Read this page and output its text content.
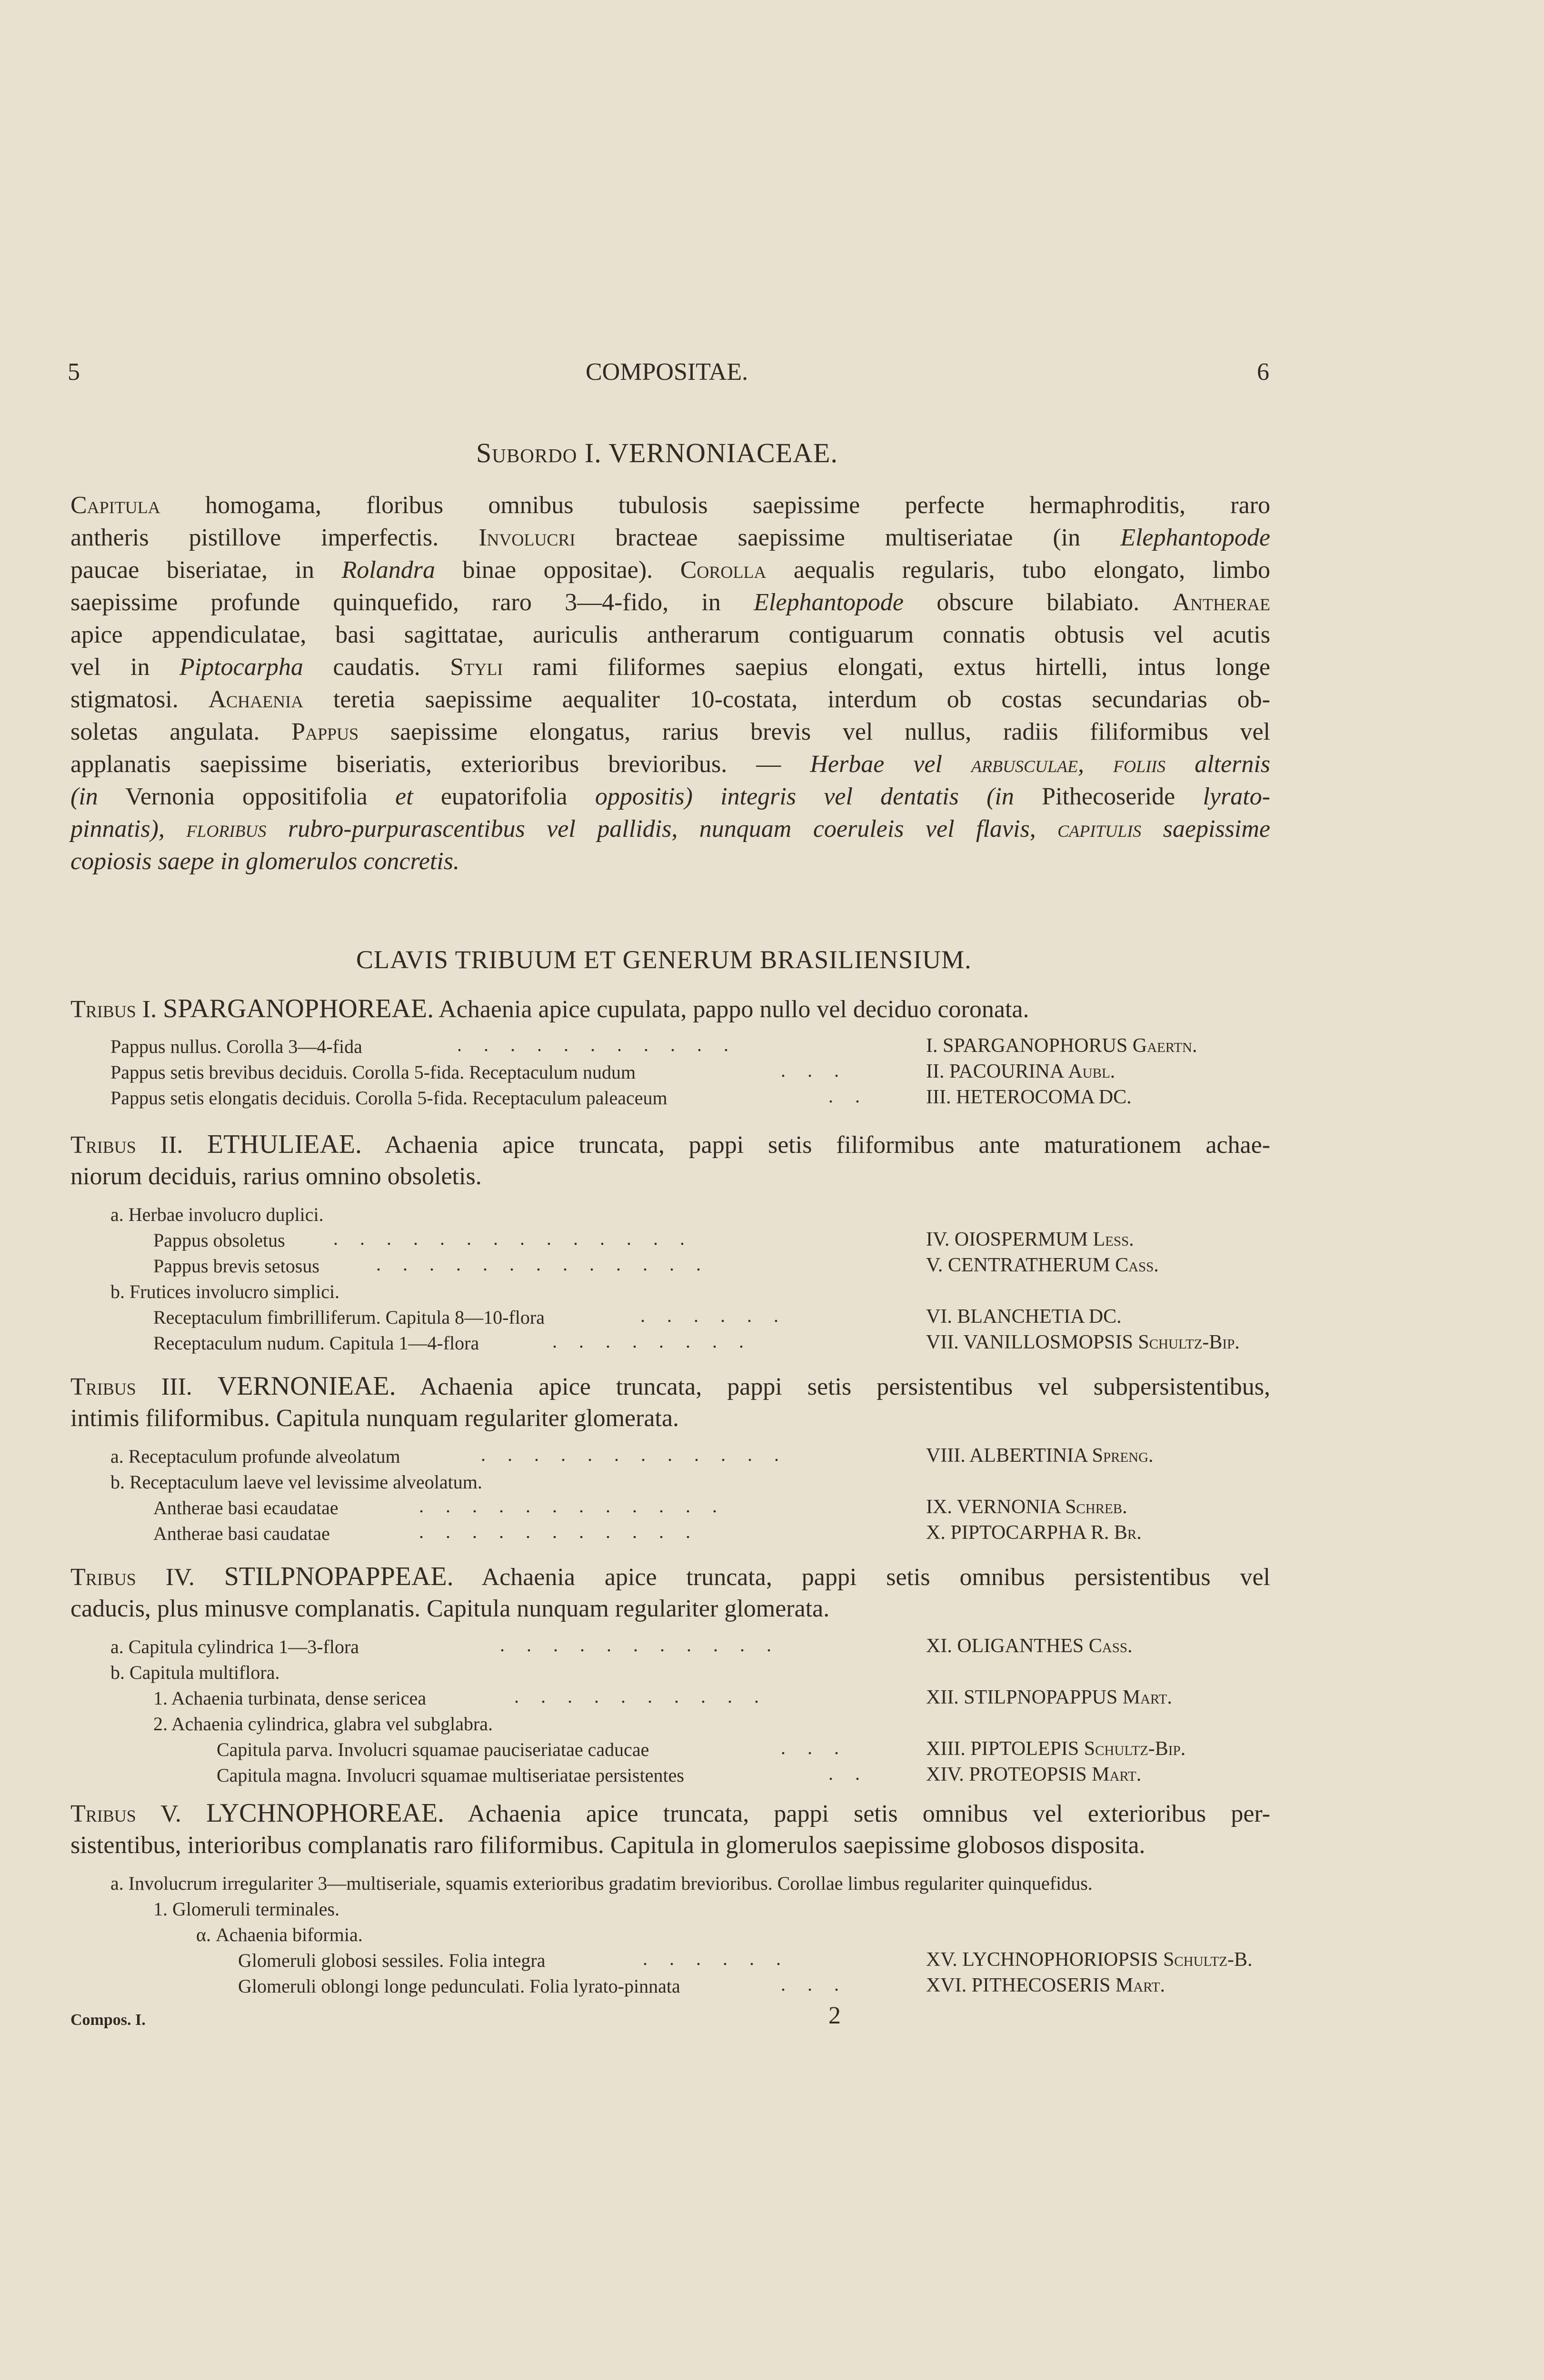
5	COMPOSITAE.	6
Subordo I. VERNONIACEAE.
Capitula homogama, floribus omnibus tubulosis saepissime perfecte hermaphroditis, raro
antheris pistillove imperfectis. Involucri bracteae saepissime multiseriatae (in Elephantopode
paucae biseriatae, in Rolandra binae oppositae). Corolla aequalis regularis, tubo elongato, limbo
saepissime profunde quinquefido, raro 3—4-fido, in Elephantopode obscure bilabiato. Antherae
apice appendiculatae, basi sagittatae, auriculis antherarum contiguarum connatis obtusis vel acutis
vel in Piptocarpha caudatis. Styli rami filiformes saepius elongati, extus hirtelli, intus longe
stigmatosi. Achaenia teretia saepissime aequaliter 10-costata, interdum ob costas secundarias ob-
soletas angulata. Pappus saepissime elongatus, rarius brevis vel nullus, radiis filiformibus vel
applanatis saepissime biseriatis, exterioribus brevioribus. — Herbae vel arbusculae, foliis alternis
(in Vernonia oppositifolia et eupatorifolia oppositis) integris vel dentatis (in Pithecoseride lyrato-
pinnatis), floribus rubro-purpurascentibus vel pallidis, nunquam coeruleis vel flavis, capitulis saepissime
copiosis saepe in glomerulos concretis.
CLAVIS TRIBUUM ET GENERUM BRASILIENSIUM.
Tribus I. SPARGANOPHOREAE. Achaenia apice cupulata, pappo nullo vel deciduo coronata.
Pappus nullus. Corolla 3—4-fida	. . . . . . . . . . .	I. SPARGANOPHORUS Gaertn.
Pappus setis brevibus deciduis. Corolla 5-fida. Receptaculum nudum	. . .	II. PACOURINA Aubl.
Pappus setis elongatis deciduis. Corolla 5-fida. Receptaculum paleaceum	. .	III. HETEROCOMA DC.
Tribus II. ETHULIEAE. Achaenia apice truncata, pappi setis filiformibus ante maturationem achae-
niorum deciduis, rarius omnino obsoletis.
a. Herbae involucro duplici.
Pappus obsoletus	. . . . . . . . . . . . . .	IV. OIOSPERMUM Less.
Pappus brevis setosus	. . . . . . . . . . . . .	V. CENTRATHERUM Cass.
b. Frutices involucro simplici.
Receptaculum fimbrilliferum. Capitula 8—10-flora	. . . . . .	VI. BLANCHETIA DC.
Receptaculum nudum. Capitula 1—4-flora	. . . . . . . .	VII. VANILLOSMOPSIS Schultz-Bip.
Tribus III. VERNONIEAE. Achaenia apice truncata, pappi setis persistentibus vel subpersistentibus,
intimis filiformibus. Capitula nunquam regulariter glomerata.
a. Receptaculum profunde alveolatum	. . . . . . . . . . . .	VIII. ALBERTINIA Spreng.
b. Receptaculum laeve vel levissime alveolatum.
Antherae basi ecaudatae	. . . . . . . . . . . .	IX. VERNONIA Schreb.
Antherae basi caudatae	. . . . . . . . . . .	X. PIPTOCARPHA R. Br.
Tribus IV. STILPNOPAPPEAE. Achaenia apice truncata, pappi setis omnibus persistentibus vel
caducis, plus minusve complanatis. Capitula nunquam regulariter glomerata.
a. Capitula cylindrica 1—3-flora	. . . . . . . . . . .	XI. OLIGANTHES Cass.
b. Capitula multiflora.
1. Achaenia turbinata, dense sericea	. . . . . . . . . .	XII. STILPNOPAPPUS Mart.
2. Achaenia cylindrica, glabra vel subglabra.
Capitula parva. Involucri squamae pauciseriatae caducae	. . .	XIII. PIPTOLEPIS Schultz-Bip.
Capitula magna. Involucri squamae multiseriatae persistentes	. .	XIV. PROTEOPSIS Mart.
Tribus V. LYCHNOPHOREAE. Achaenia apice truncata, pappi setis omnibus vel exterioribus per-
sistentibus, interioribus complanatis raro filiformibus. Capitula in glomerulos saepissime globosos disposita.
a. Involucrum irregulariter 3—multiseriale, squamis exterioribus gradatim brevioribus. Corollae limbus regulariter quinquefidus.
1. Glomeruli terminales.
α. Achaenia biformia.
Glomeruli globosi sessiles. Folia integra	. . . . . .	XV. LYCHNOPHORIOPSIS Schultz-B.
Glomeruli oblongi longe pedunculati. Folia lyrato-pinnata	. . .	XVI. PITHECOSERIS Mart.
Compos. I.	2
